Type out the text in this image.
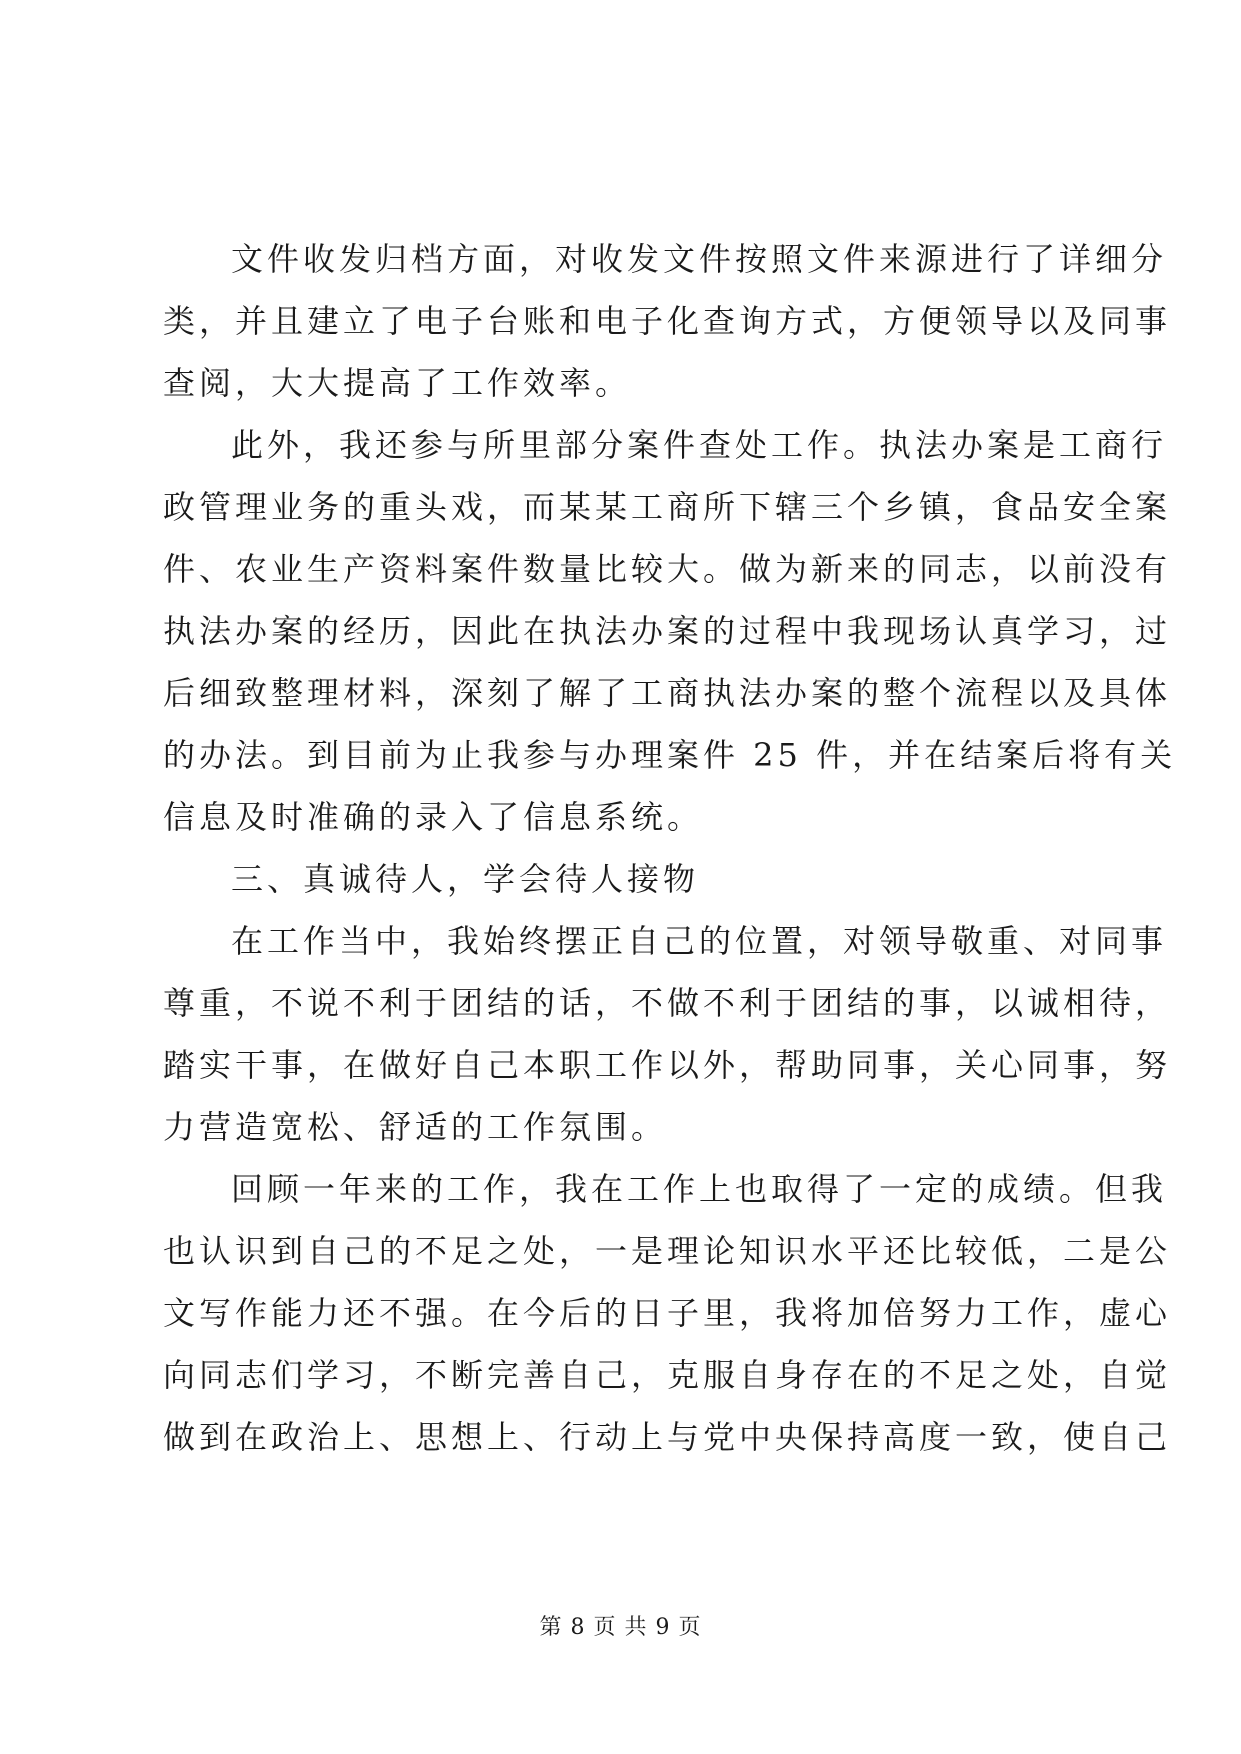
文件收发归档方面，对收发文件按照文件来源进行了详细分
类，并且建立了电子台账和电子化查询方式，方便领导以及同事
查阅，大大提高了工作效率。
此外，我还参与所里部分案件查处工作。执法办案是工商行
政管理业务的重头戏，而某某工商所下辖三个乡镇，食品安全案
件、农业生产资料案件数量比较大。做为新来的同志，以前没有
执法办案的经历，因此在执法办案的过程中我现场认真学习，过
后细致整理材料，深刻了解了工商执法办案的整个流程以及具体
的办法。到目前为止我参与办理案件 25 件，并在结案后将有关
信息及时准确的录入了信息系统。
三、真诚待人，学会待人接物
在工作当中，我始终摆正自己的位置，对领导敬重、对同事
尊重，不说不利于团结的话，不做不利于团结的事，以诚相待，
踏实干事，在做好自己本职工作以外，帮助同事，关心同事，努
力营造宽松、舒适的工作氛围。
回顾一年来的工作，我在工作上也取得了一定的成绩。但我
也认识到自己的不足之处，一是理论知识水平还比较低，二是公
文写作能力还不强。在今后的日子里，我将加倍努力工作，虚心
向同志们学习，不断完善自己，克服自身存在的不足之处，自觉
做到在政治上、思想上、行动上与党中央保持高度一致，使自己
第 8 页 共 9 页
